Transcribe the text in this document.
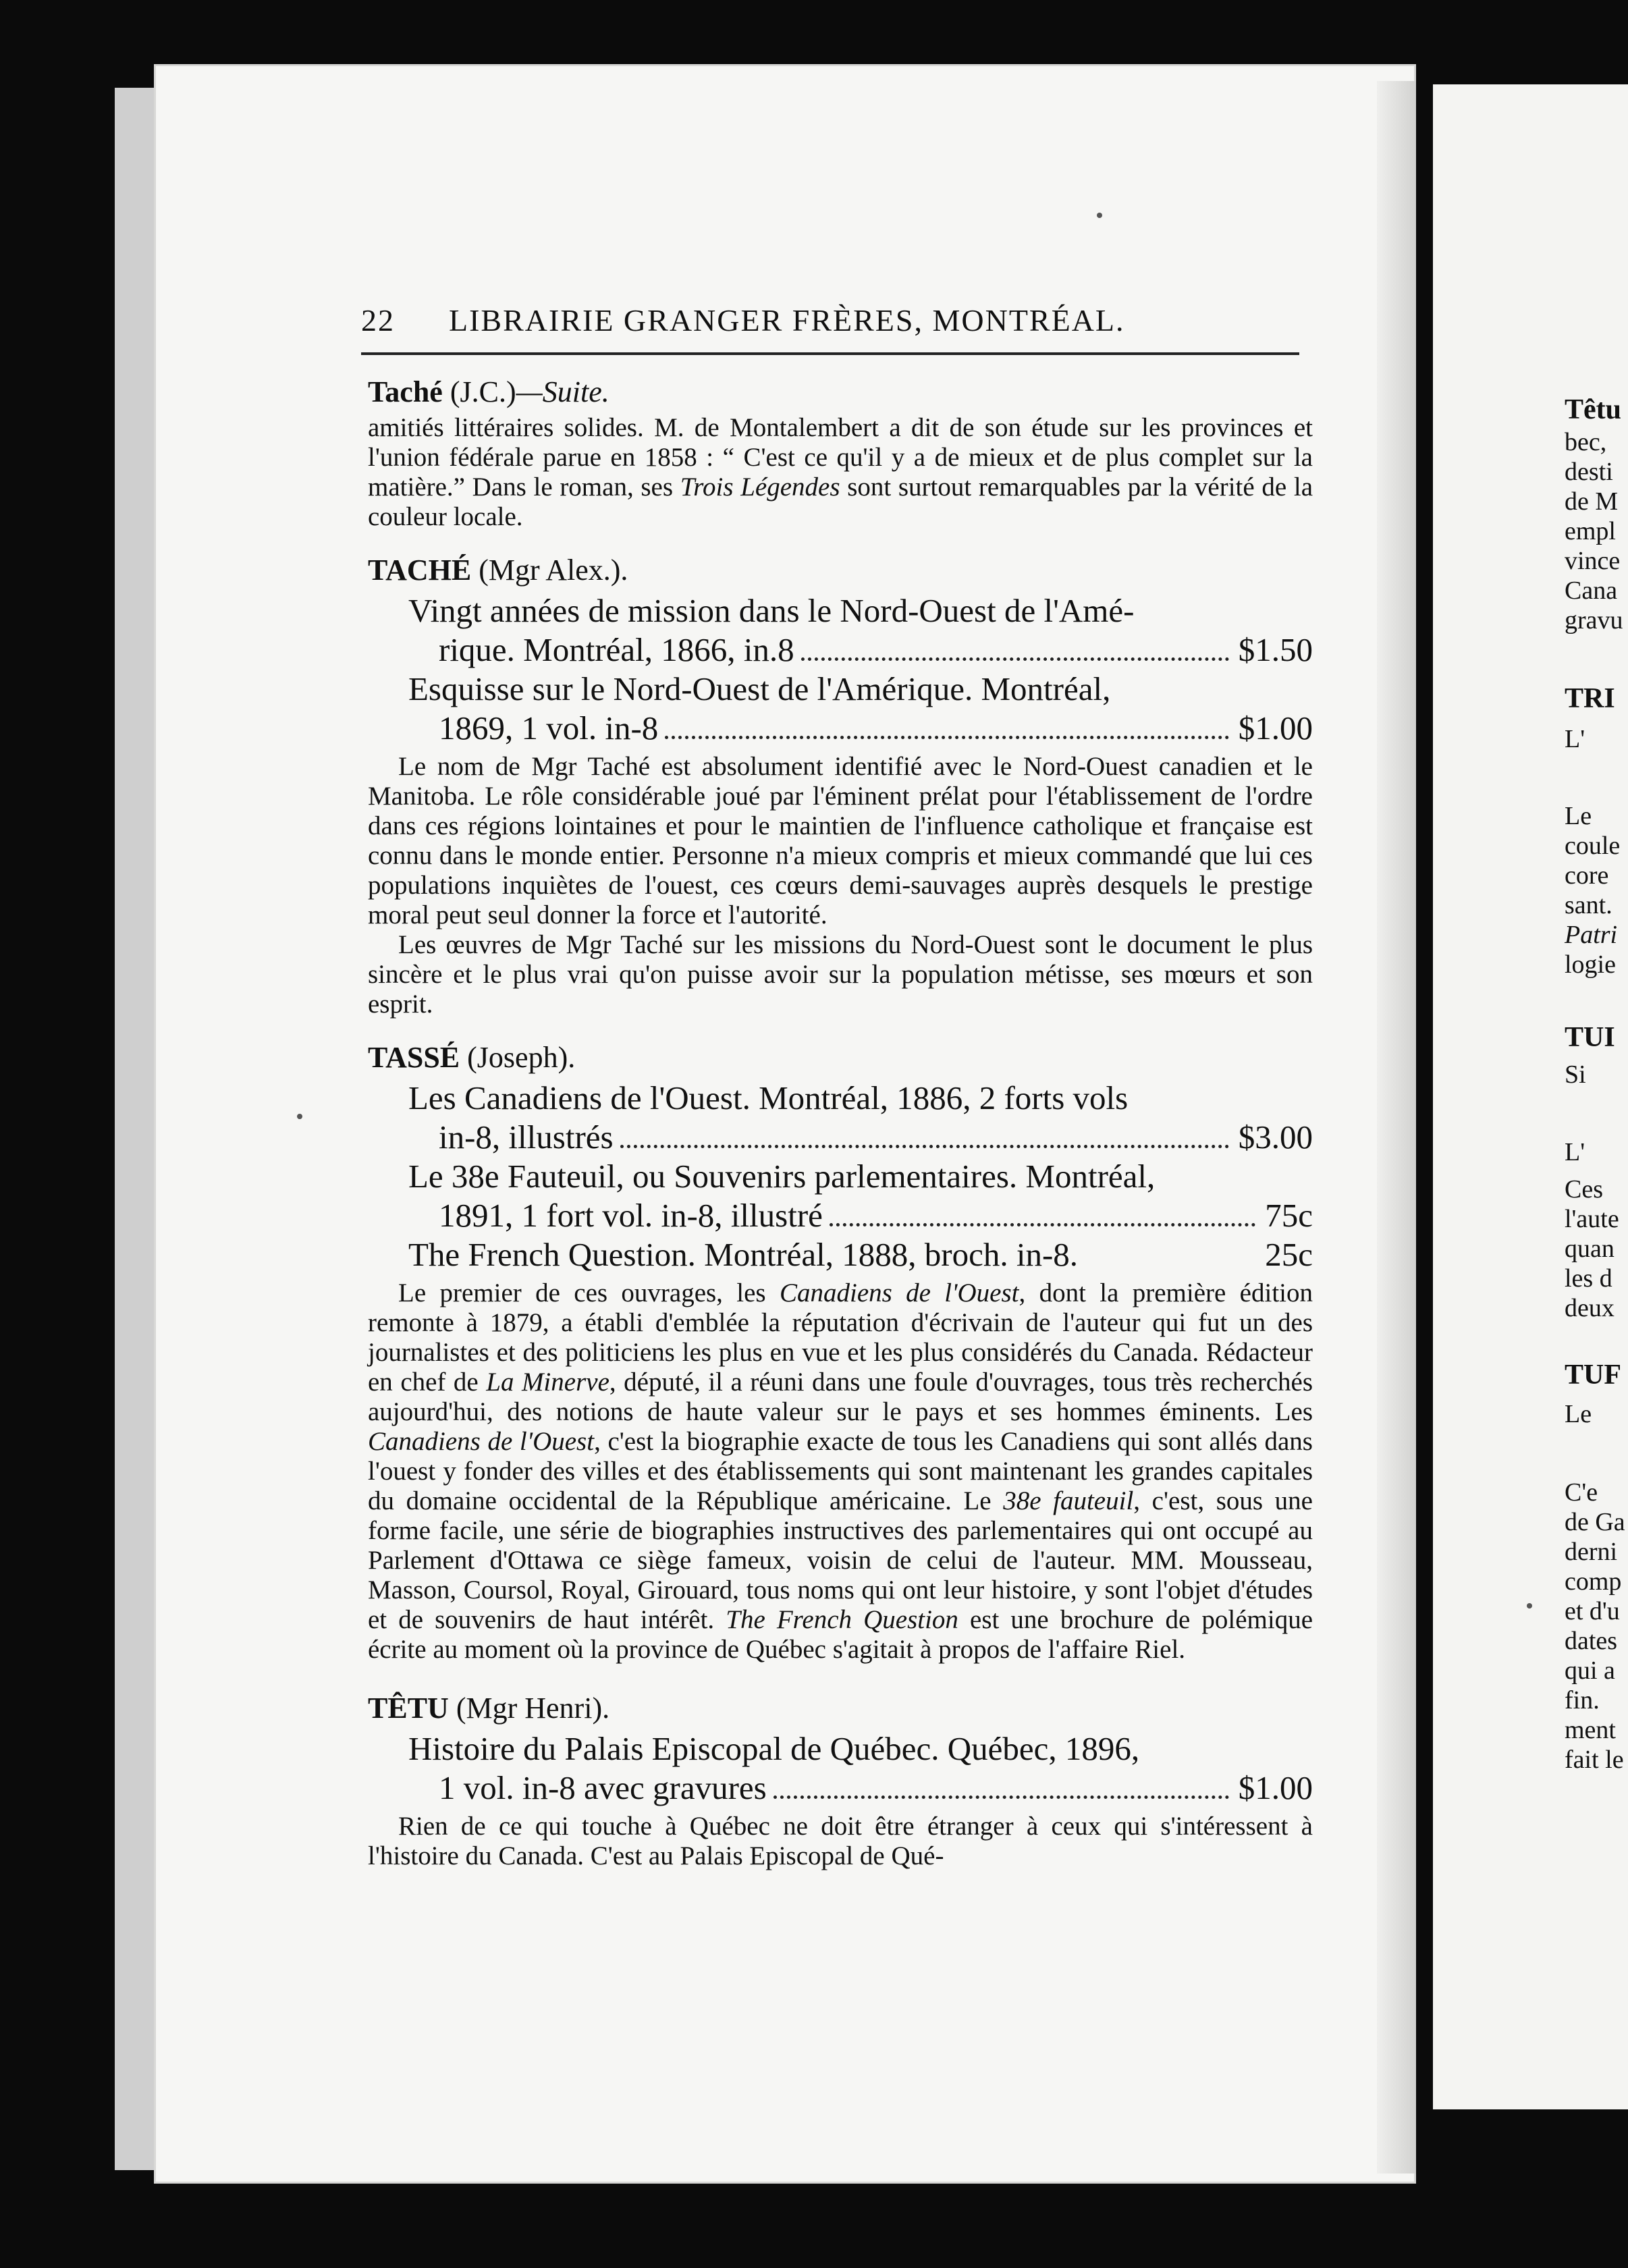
Têtu
bec,
desti
de M
empl
vince
Cana
gravu
TRI
L'
Le
coule
core
sant.
Patri
logie
TUI
Si
L'
Ces
l'aute
quan
les d
deux
TUF
Le
C'e
de Ga
derni
comp
et d'u
dates
qui a
fin.
ment
fait le
22 LIBRAIRIE GRANGER FRÈRES, MONTRÉAL.

Taché (J.C.)—Suite.

amitiés littéraires solides. M. de Montalembert a dit de son étude sur les provinces et l'union fédérale parue en 1858 : “ C'est ce qu'il y a de mieux et de plus complet sur la matière.” Dans le roman, ses Trois Légendes sont surtout remarquables par la vérité de la couleur locale.

TACHÉ (Mgr Alex.).

Vingt années de mission dans le Nord-Ouest de l'Amé-
rique. Montréal, 1866, in.8	$1.50
Esquisse sur le Nord-Ouest de l'Amérique. Montréal,
1869, 1 vol. in-8	$1.00

Le nom de Mgr Taché est absolument identifié avec le Nord-Ouest canadien et le Manitoba. Le rôle considérable joué par l'éminent prélat pour l'établissement de l'ordre dans ces régions lointaines et pour le maintien de l'influence catholique et française est connu dans le monde entier. Personne n'a mieux compris et mieux commandé que lui ces populations inquiètes de l'ouest, ces cœurs demi-sauvages auprès desquels le prestige moral peut seul donner la force et l'autorité.

Les œuvres de Mgr Taché sur les missions du Nord-Ouest sont le document le plus sincère et le plus vrai qu'on puisse avoir sur la population métisse, ses mœurs et son esprit.

TASSÉ (Joseph).

Les Canadiens de l'Ouest. Montréal, 1886, 2 forts vols
in-8, illustrés	$3.00
Le 38e Fauteuil, ou Souvenirs parlementaires. Montréal,
1891, 1 fort vol. in-8, illustré	75c
The French Question. Montréal, 1888, broch. in-8.	25c

Le premier de ces ouvrages, les Canadiens de l'Ouest, dont la première édition remonte à 1879, a établi d'emblée la réputation d'écrivain de l'auteur qui fut un des journalistes et des politiciens les plus en vue et les plus considérés du Canada. Rédacteur en chef de La Minerve, député, il a réuni dans une foule d'ouvrages, tous très recherchés aujourd'hui, des notions de haute valeur sur le pays et ses hommes éminents. Les Canadiens de l'Ouest, c'est la biographie exacte de tous les Canadiens qui sont allés dans l'ouest y fonder des villes et des établissements qui sont maintenant les grandes capitales du domaine occidental de la République américaine. Le 38e fauteuil, c'est, sous une forme facile, une série de biographies instructives des parlementaires qui ont occupé au Parlement d'Ottawa ce siège fameux, voisin de celui de l'auteur. MM. Mousseau, Masson, Coursol, Royal, Girouard, tous noms qui ont leur histoire, y sont l'objet d'études et de souvenirs de haut intérêt. The French Question est une brochure de polémique écrite au moment où la province de Québec s'agitait à propos de l'affaire Riel.

TÊTU (Mgr Henri).

Histoire du Palais Episcopal de Québec. Québec, 1896,
1 vol. in-8 avec gravures	$1.00

Rien de ce qui touche à Québec ne doit être étranger à ceux qui s'intéressent à l'histoire du Canada. C'est au Palais Episcopal de Qué-
